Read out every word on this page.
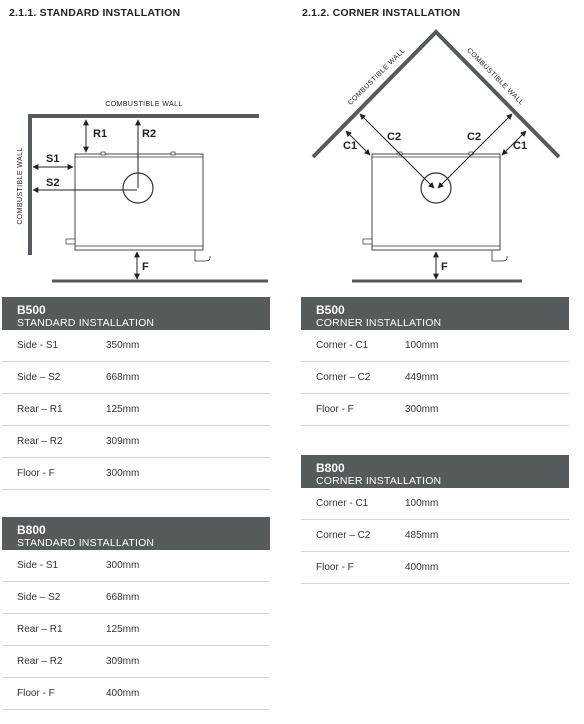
2.1.1. STANDARD INSTALLATION	2.1.2. CORNER INSTALLATION
COMBUSTIBLE WALL
COMBUSTIBLE WALL
R1	R2
S1
S2
F
COMBUSTIBLE WALL	COMBUSTIBLE WALL
C1
C2	C2
C1
F
B500
STANDARD INSTALLATION
Side - S1	350mm
Side – S2	668mm
Rear – R1	125mm
Rear – R2	309mm
Floor - F	300mm
B800
STANDARD INSTALLATION
Side - S1	300mm
Side – S2	668mm
Rear – R1	125mm
Rear – R2	309mm
Floor - F	400mm
B500
CORNER INSTALLATION
Corner - C1	100mm
Corner – C2	449mm
Floor - F	300mm
B800
CORNER INSTALLATION
Corner - C1	100mm
Corner – C2	485mm
Floor - F	400mm
